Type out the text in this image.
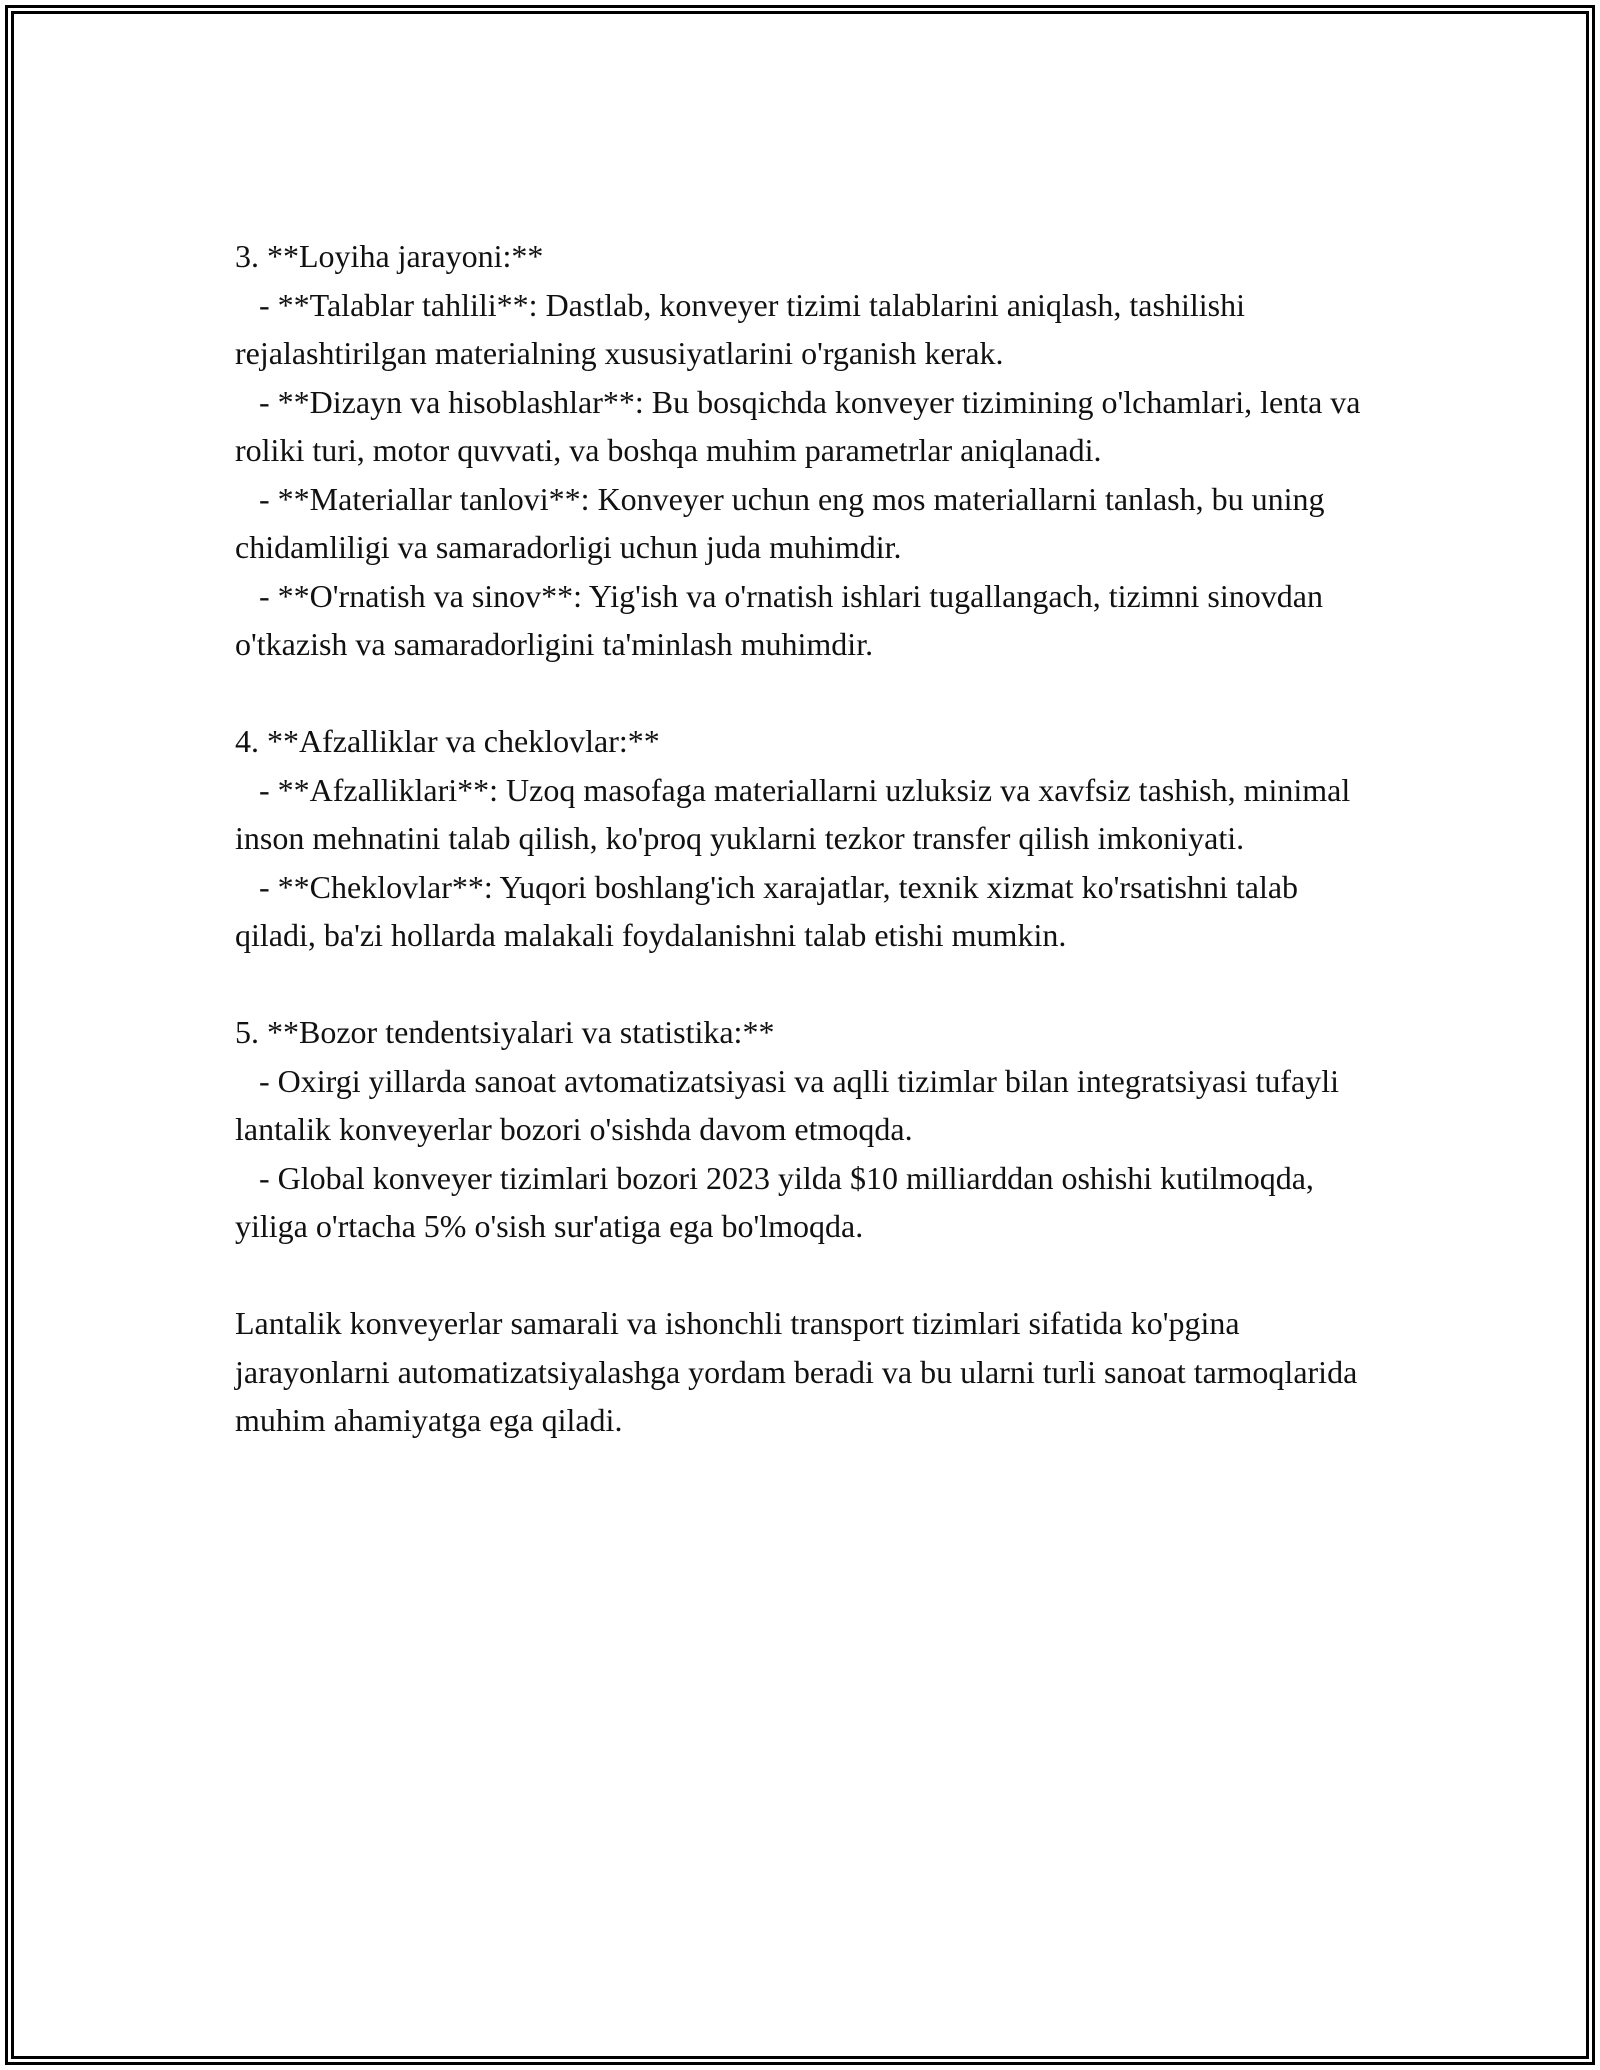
3. **Loyiha jarayoni:**

- **Talablar tahlili**: Dastlab, konveyer tizimi talablarini aniqlash, tashilishi rejalashtirilgan materialning xususiyatlarini o'rganish kerak.

- **Dizayn va hisoblashlar**: Bu bosqichda konveyer tizimining o'lchamlari, lenta va roliki turi, motor quvvati, va boshqa muhim parametrlar aniqlanadi.

- **Materiallar tanlovi**: Konveyer uchun eng mos materiallarni tanlash, bu uning chidamliligi va samaradorligi uchun juda muhimdir.

- **O'rnatish va sinov**: Yig'ish va o'rnatish ishlari tugallangach, tizimni sinovdan o'tkazish va samaradorligini ta'minlash muhimdir.

4. **Afzalliklar va cheklovlar:**

- **Afzalliklari**: Uzoq masofaga materiallarni uzluksiz va xavfsiz tashish, minimal inson mehnatini talab qilish, ko'proq yuklarni tezkor transfer qilish imkoniyati.

- **Cheklovlar**: Yuqori boshlang'ich xarajatlar, texnik xizmat ko'rsatishni talab qiladi, ba'zi hollarda malakali foydalanishni talab etishi mumkin.

5. **Bozor tendentsiyalari va statistika:**

- Oxirgi yillarda sanoat avtomatizatsiyasi va aqlli tizimlar bilan integratsiyasi tufayli lantalik konveyerlar bozori o'sishda davom etmoqda.

- Global konveyer tizimlari bozori 2023 yilda $10 milliarddan oshishi kutilmoqda, yiliga o'rtacha 5% o'sish sur'atiga ega bo'lmoqda.

Lantalik konveyerlar samarali va ishonchli transport tizimlari sifatida ko'pgina jarayonlarni automatizatsiyalashga yordam beradi va bu ularni turli sanoat tarmoqlarida muhim ahamiyatga ega qiladi.
